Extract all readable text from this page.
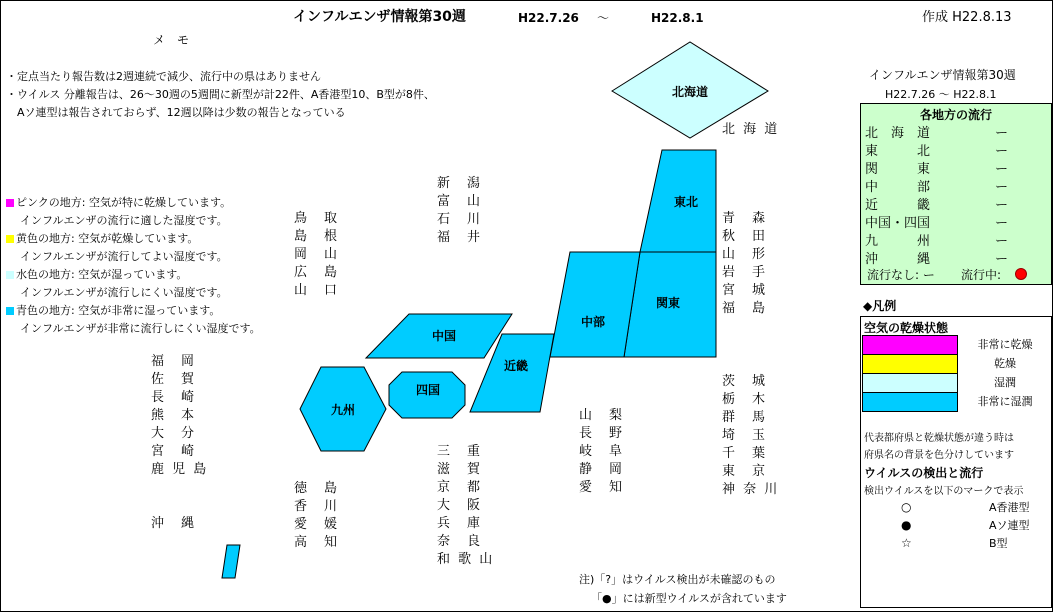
インフルエンザ情報第30週	H22.7.26 〜	H22.8.1	作成 H22.8.13
メ　モ
・定点当たり報告数は2週連続で減少、流行中の県はありません
・ウイルス 分離報告は、26〜30週の5週間に新型が計22件、A香港型10、B型が8件、
　Aソ連型は報告されておらず、12週以降は少数の報告となっている
ピンクの地方: 空気が特に乾燥しています。
インフルエンザの流行に適した湿度です。
黄色の地方: 空気が乾燥しています。
インフルエンザが流行してよい湿度です。
水色の地方: 空気が湿っています。
インフルエンザが流行しにくい湿度です。
青色の地方: 空気が非常に湿っています。
インフルエンザが非常に流行しにくい湿度です。
北海道
東北
関東
中部
近畿
中国
四国
九州
北 海 道
青　森
秋　田
山　形
岩　手
宮　城
福　島
茨　城
栃　木
群　馬
埼　玉
千　葉
東　京
神 奈 川
新　潟
富　山
石　川
福　井
山　梨
長　野
岐　阜
静　岡
愛　知
三　重
滋　賀
京　都
大　阪
兵　庫
奈　良
和 歌 山
鳥　取
島　根
岡　山
広　島
山　口
徳　島
香　川
愛　媛
高　知
福　岡
佐　賀
長　崎
熊　本
大　分
宮　崎
鹿 児 島
沖　縄
注)「?」はウイルス検出が未確認のもの
「●」には新型ウイルスが含れています
インフルエンザ情報第30週
H22.7.26 〜 H22.8.1
各地方の流行
北　海　道	ー
東　　　北	ー
関　　　東	ー
中　　　部	ー
近　　　畿	ー
中国・四国	ー
九　　　州	ー
沖　　　縄	ー
流行なし: ー 流行中:
◆凡例
空気の乾燥状態
非常に乾燥
乾燥
湿潤
非常に湿潤
代表都府県と乾燥状態が違う時は
府県名の背景を色分けしています
ウイルスの検出と流行
検出ウイルスを以下のマークで表示
○	A香港型
●	Aソ連型
☆	B型
